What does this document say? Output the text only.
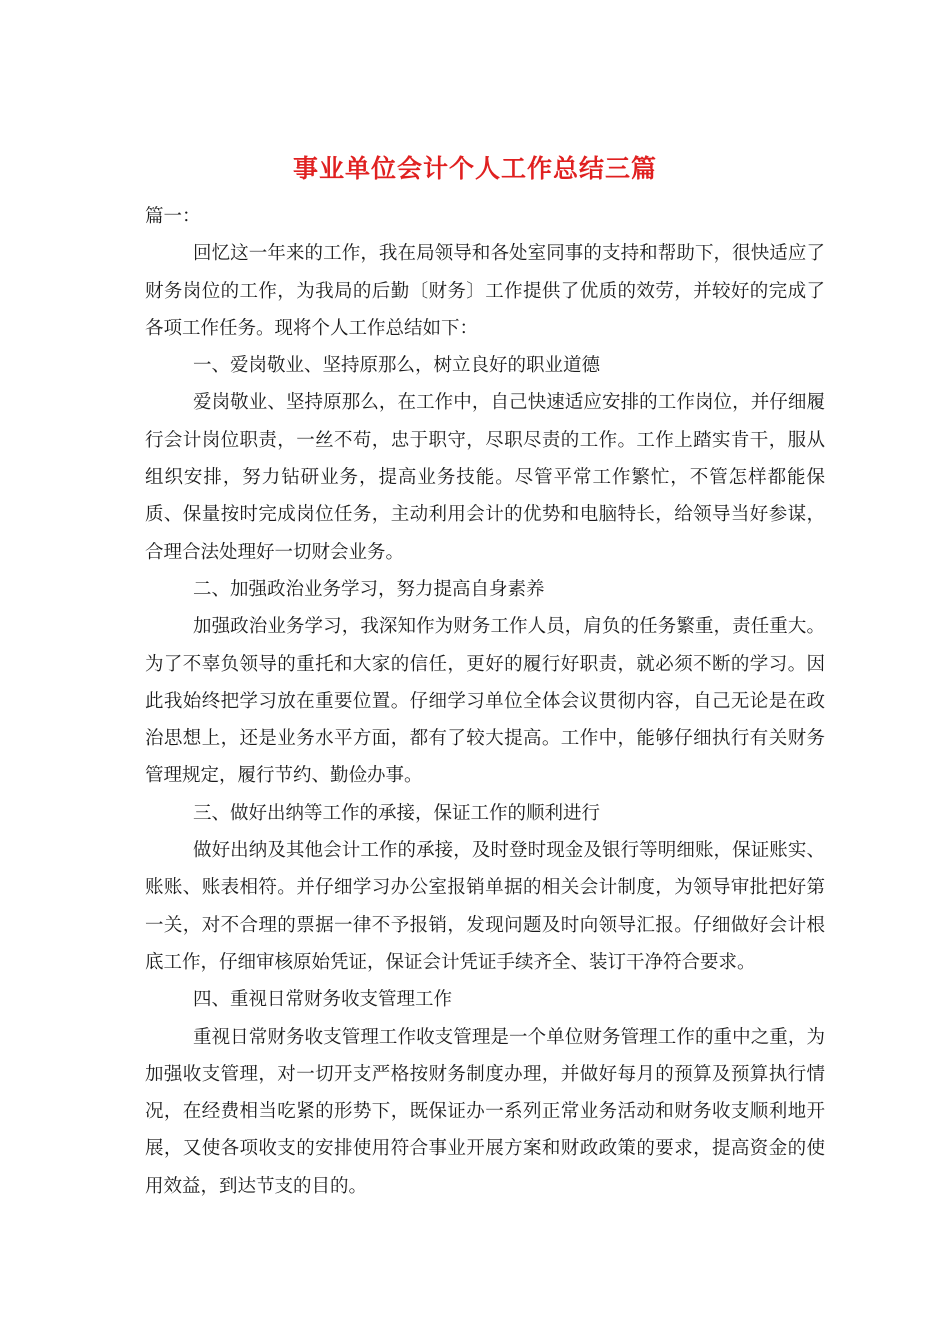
事业单位会计个人工作总结三篇

篇一：

回忆这一年来的工作，我在局领导和各处室同事的支持和帮助下，很快适应了财务岗位的工作，为我局的后勤〔财务〕工作提供了优质的效劳，并较好的完成了各项工作任务。现将个人工作总结如下：

一、爱岗敬业、坚持原那么，树立良好的职业道德

爱岗敬业、坚持原那么，在工作中，自己快速适应安排的工作岗位，并仔细履行会计岗位职责，一丝不苟，忠于职守，尽职尽责的工作。工作上踏实肯干，服从组织安排，努力钻研业务，提高业务技能。尽管平常工作繁忙，不管怎样都能保质、保量按时完成岗位任务，主动利用会计的优势和电脑特长，给领导当好参谋，合理合法处理好一切财会业务。

二、加强政治业务学习，努力提高自身素养

加强政治业务学习，我深知作为财务工作人员，肩负的任务繁重，责任重大。为了不辜负领导的重托和大家的信任，更好的履行好职责，就必须不断的学习。因此我始终把学习放在重要位置。仔细学习单位全体会议贯彻内容，自己无论是在政治思想上，还是业务水平方面，都有了较大提高。工作中，能够仔细执行有关财务管理规定，履行节约、勤俭办事。

三、做好出纳等工作的承接，保证工作的顺利进行

做好出纳及其他会计工作的承接，及时登时现金及银行等明细账，保证账实、账账、账表相符。并仔细学习办公室报销单据的相关会计制度，为领导审批把好第一关，对不合理的票据一律不予报销，发现问题及时向领导汇报。仔细做好会计根底工作，仔细审核原始凭证，保证会计凭证手续齐全、装订干净符合要求。

四、重视日常财务收支管理工作

重视日常财务收支管理工作收支管理是一个单位财务管理工作的重中之重，为加强收支管理，对一切开支严格按财务制度办理，并做好每月的预算及预算执行情况，在经费相当吃紧的形势下，既保证办一系列正常业务活动和财务收支顺利地开展，又使各项收支的安排使用符合事业开展方案和财政政策的要求，提高资金的使用效益，到达节支的目的。
